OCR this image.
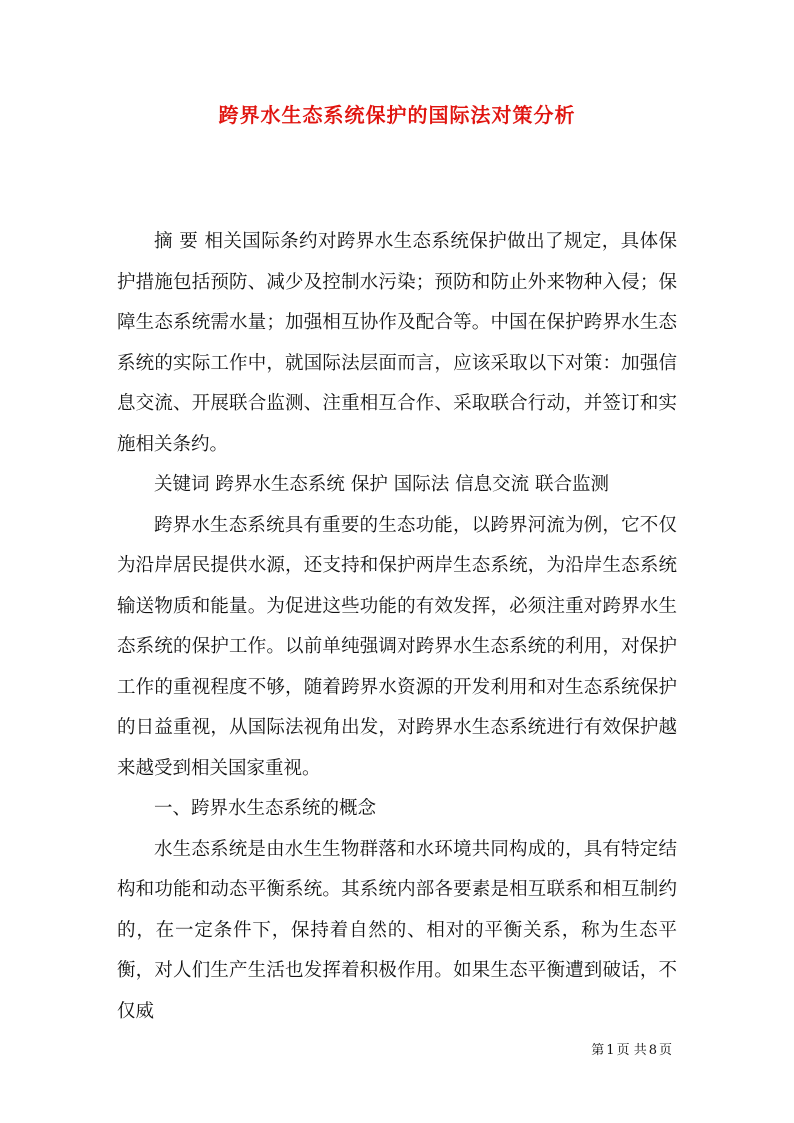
跨界水生态系统保护的国际法对策分析

摘 要 相关国际条约对跨界水生态系统保护做出了规定，具体保护措施包括预防、减少及控制水污染；预防和防止外来物种入侵；保障生态系统需水量；加强相互协作及配合等。中国在保护跨界水生态系统的实际工作中，就国际法层面而言，应该采取以下对策：加强信息交流、开展联合监测、注重相互合作、采取联合行动，并签订和实施相关条约。

关键词 跨界水生态系统 保护 国际法 信息交流 联合监测

跨界水生态系统具有重要的生态功能，以跨界河流为例，它不仅为沿岸居民提供水源，还支持和保护两岸生态系统，为沿岸生态系统输送物质和能量。为促进这些功能的有效发挥，必须注重对跨界水生态系统的保护工作。以前单纯强调对跨界水生态系统的利用，对保护工作的重视程度不够，随着跨界水资源的开发利用和对生态系统保护的日益重视，从国际法视角出发，对跨界水生态系统进行有效保护越来越受到相关国家重视。

一、跨界水生态系统的概念

水生态系统是由水生生物群落和水环境共同构成的，具有特定结构和功能和动态平衡系统。其系统内部各要素是相互联系和相互制约的，在一定条件下，保持着自然的、相对的平衡关系，称为生态平衡，对人们生产生活也发挥着积极作用。如果生态平衡遭到破话，不仅威

第 1 页 共 8 页
